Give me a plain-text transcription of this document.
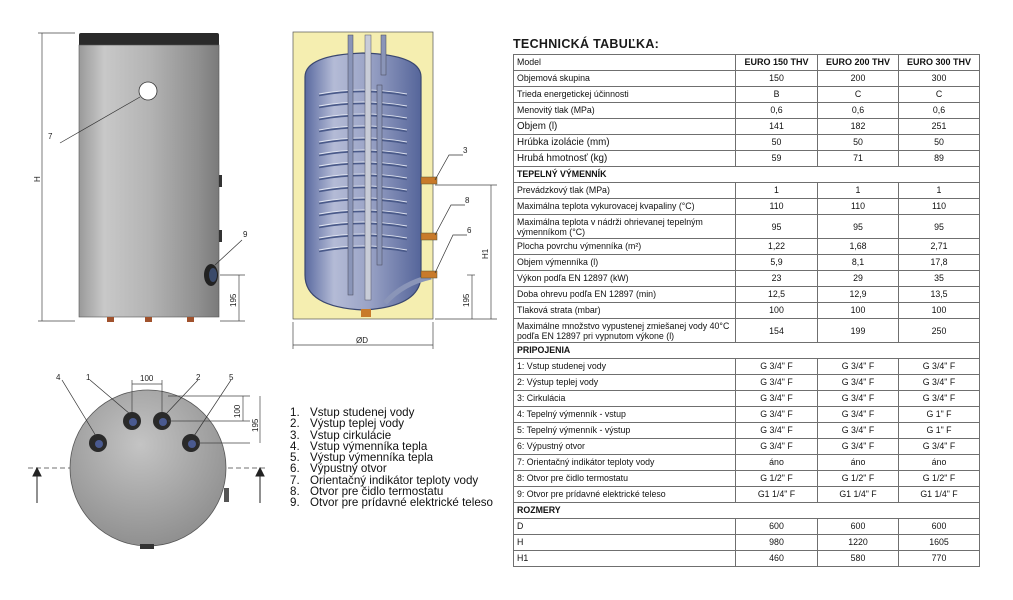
H
7
9
195
3
8
6
H1
195
ØD
4	1	2	5
100
100
195
1. Vstup studenej vody
2. Výstup teplej vody
3. Vstup cirkulácie
4. Vstup výmenníka tepla
5. Výstup výmenníka tepla
6. Výpustný otvor
7. Orientačný indikátor teploty vody
8. Otvor pre čidlo termostatu
9. Otvor pre prídavné elektrické teleso
TECHNICKÁ TABUĽKA:
Model	EURO 150 THV	EURO 200 THV	EURO 300 THV
Objemová skupina	150	200	300
Trieda energetickej účinnosti	B	C	C
Menovitý tlak (MPa)	0,6	0,6	0,6
Objem (l)	141	182	251
Hrúbka izolácie (mm)	50	50	50
Hrubá hmotnosť (kg)	59	71	89
TEPELNÝ VÝMENNÍK			
Prevádzkový tlak (MPa)	1	1	1
Maximálna teplota vykurovacej kvapaliny (°C)	110	110	110
Maximálna teplota v nádrži ohrievanej tepelným výmenníkom (°C)	95	95	95
Plocha povrchu výmenníka (m²)	1,22	1,68	2,71
Objem výmenníka (l)	5,9	8,1	17,8
Výkon podľa EN 12897 (kW)	23	29	35
Doba ohrevu podľa EN 12897 (min)	12,5	12,9	13,5
Tlaková strata (mbar)	100	100	100
Maximálne množstvo vypustenej zmiešanej vody 40°C podľa EN 12897 pri vypnutom výkone (l)	154	199	250
PRIPOJENIA			
1: Vstup studenej vody	G 3/4" F	G 3/4" F	G 3/4" F
2: Výstup teplej vody	G 3/4" F	G 3/4" F	G 3/4" F
3: Cirkulácia	G 3/4" F	G 3/4" F	G 3/4" F
4: Tepelný výmenník - vstup	G 3/4" F	G 3/4" F	G 1" F
5: Tepelný výmenník - výstup	G 3/4" F	G 3/4" F	G 1" F
6: Výpustný otvor	G 3/4" F	G 3/4" F	G 3/4" F
7: Orientačný indikátor teploty vody	áno	áno	áno
8: Otvor pre čidlo termostatu	G 1/2" F	G 1/2" F	G 1/2" F
9: Otvor pre prídavné elektrické teleso	G1 1/4" F	G1 1/4" F	G1 1/4" F
ROZMERY			
D	600	600	600
H	980	1220	1605
H1	460	580	770
